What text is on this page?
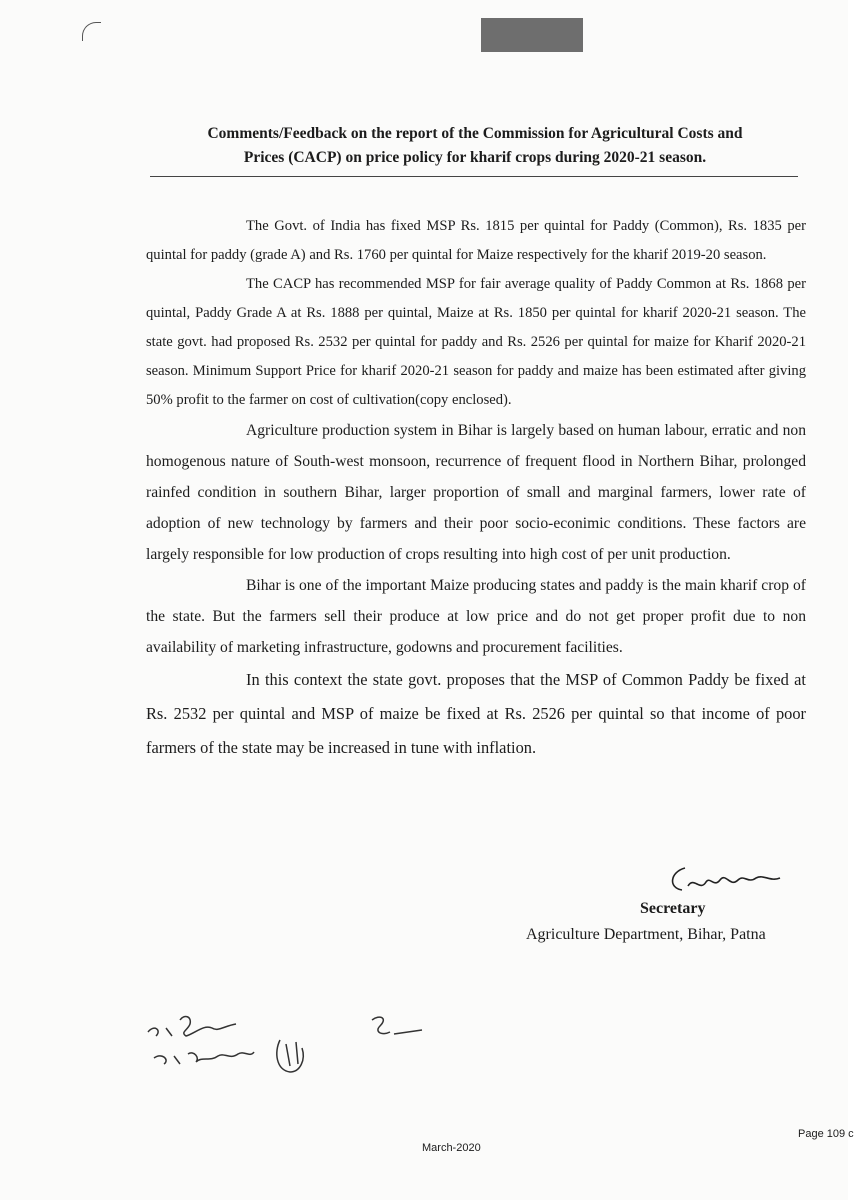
Comments/Feedback on the report of the Commission for Agricultural Costs and
Prices (CACP) on price policy for kharif crops during 2020-21 season.

The Govt. of India has fixed MSP Rs. 1815 per quintal for Paddy (Common), Rs. 1835 per quintal for paddy (grade A) and Rs. 1760 per quintal for Maize respectively for the kharif 2019-20 season.

The CACP has recommended MSP for fair average quality of Paddy Common at Rs. 1868 per quintal, Paddy Grade A at Rs. 1888 per quintal, Maize at Rs. 1850 per quintal for kharif 2020-21 season. The state govt. had proposed Rs. 2532 per quintal for paddy and Rs. 2526 per quintal for maize for Kharif 2020-21 season. Minimum Support Price for kharif 2020-21 season for paddy and maize has been estimated after giving 50% profit to the farmer on cost of cultivation(copy enclosed).

Agriculture production system in Bihar is largely based on human labour, erratic and non homogenous nature of South-west monsoon, recurrence of frequent flood in Northern Bihar, prolonged rainfed condition in southern Bihar, larger proportion of small and marginal farmers, lower rate of adoption of new technology by farmers and their poor socio-econimic conditions. These factors are largely responsible for low production of crops resulting into high cost of per unit production.

Bihar is one of the important Maize producing states and paddy is the main kharif crop of the state. But the farmers sell their produce at low price and do not get proper profit due to non availability of marketing infrastructure, godowns and procurement facilities.

In this context the state govt. proposes that the MSP of Common Paddy be fixed at Rs. 2532 per quintal and MSP of maize be fixed at Rs. 2526 per quintal so that income of poor farmers of the state may be increased in tune with inflation.

Secretary
Agriculture Department, Bihar, Patna
March-2020
Page 109 c
